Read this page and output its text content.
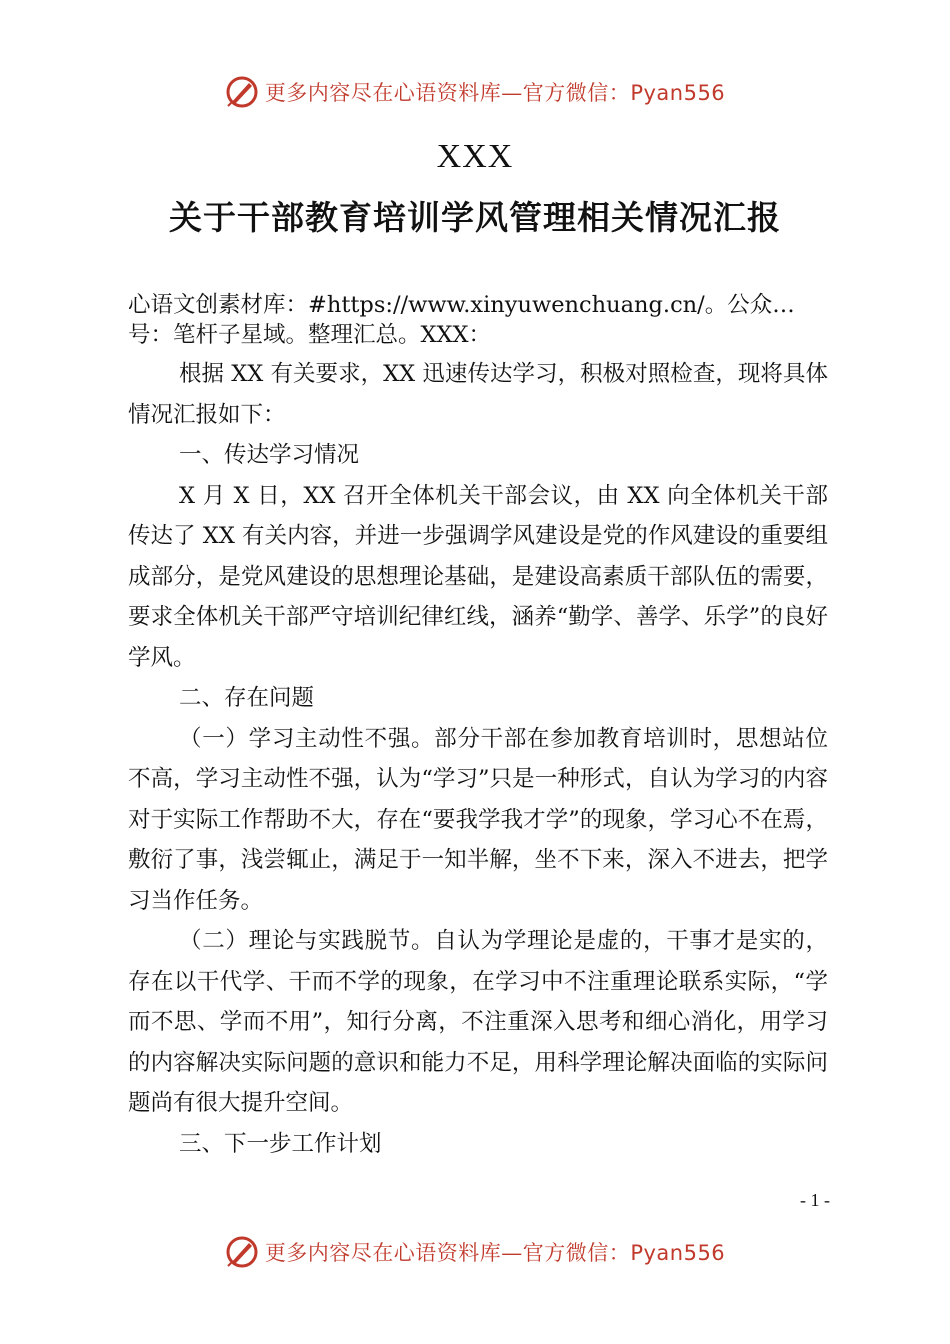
更多内容尽在心语资料库—官方微信：Pyan556
XXX
关于干部教育培训学风管理相关情况汇报
心语文创素材库：#https://www.xinyuwenchuang.cn/。公众…
号：笔杆子星域。整理汇总。XXX：

根据 XX 有关要求，XX 迅速传达学习，积极对照检查，现将具体情况汇报如下：

一、传达学习情况

X 月 X 日，XX 召开全体机关干部会议，由 XX 向全体机关干部传达了 XX 有关内容，并进一步强调学风建设是党的作风建设的重要组成部分，是党风建设的思想理论基础，是建设高素质干部队伍的需要，要求全体机关干部严守培训纪律红线，涵养“勤学、善学、乐学”的良好学风。

二、存在问题

（一）学习主动性不强。部分干部在参加教育培训时，思想站位不高，学习主动性不强，认为“学习”只是一种形式，自认为学习的内容对于实际工作帮助不大，存在“要我学我才学”的现象，学习心不在焉，敷衍了事，浅尝辄止，满足于一知半解，坐不下来，深入不进去，把学习当作任务。

（二）理论与实践脱节。自认为学理论是虚的，干事才是实的，存在以干代学、干而不学的现象，在学习中不注重理论联系实际，“学而不思、学而不用”，知行分离，不注重深入思考和细心消化，用学习的内容解决实际问题的意识和能力不足，用科学理论解决面临的实际问题尚有很大提升空间。

三、下一步工作计划

- 1 -
更多内容尽在心语资料库—官方微信：Pyan556
